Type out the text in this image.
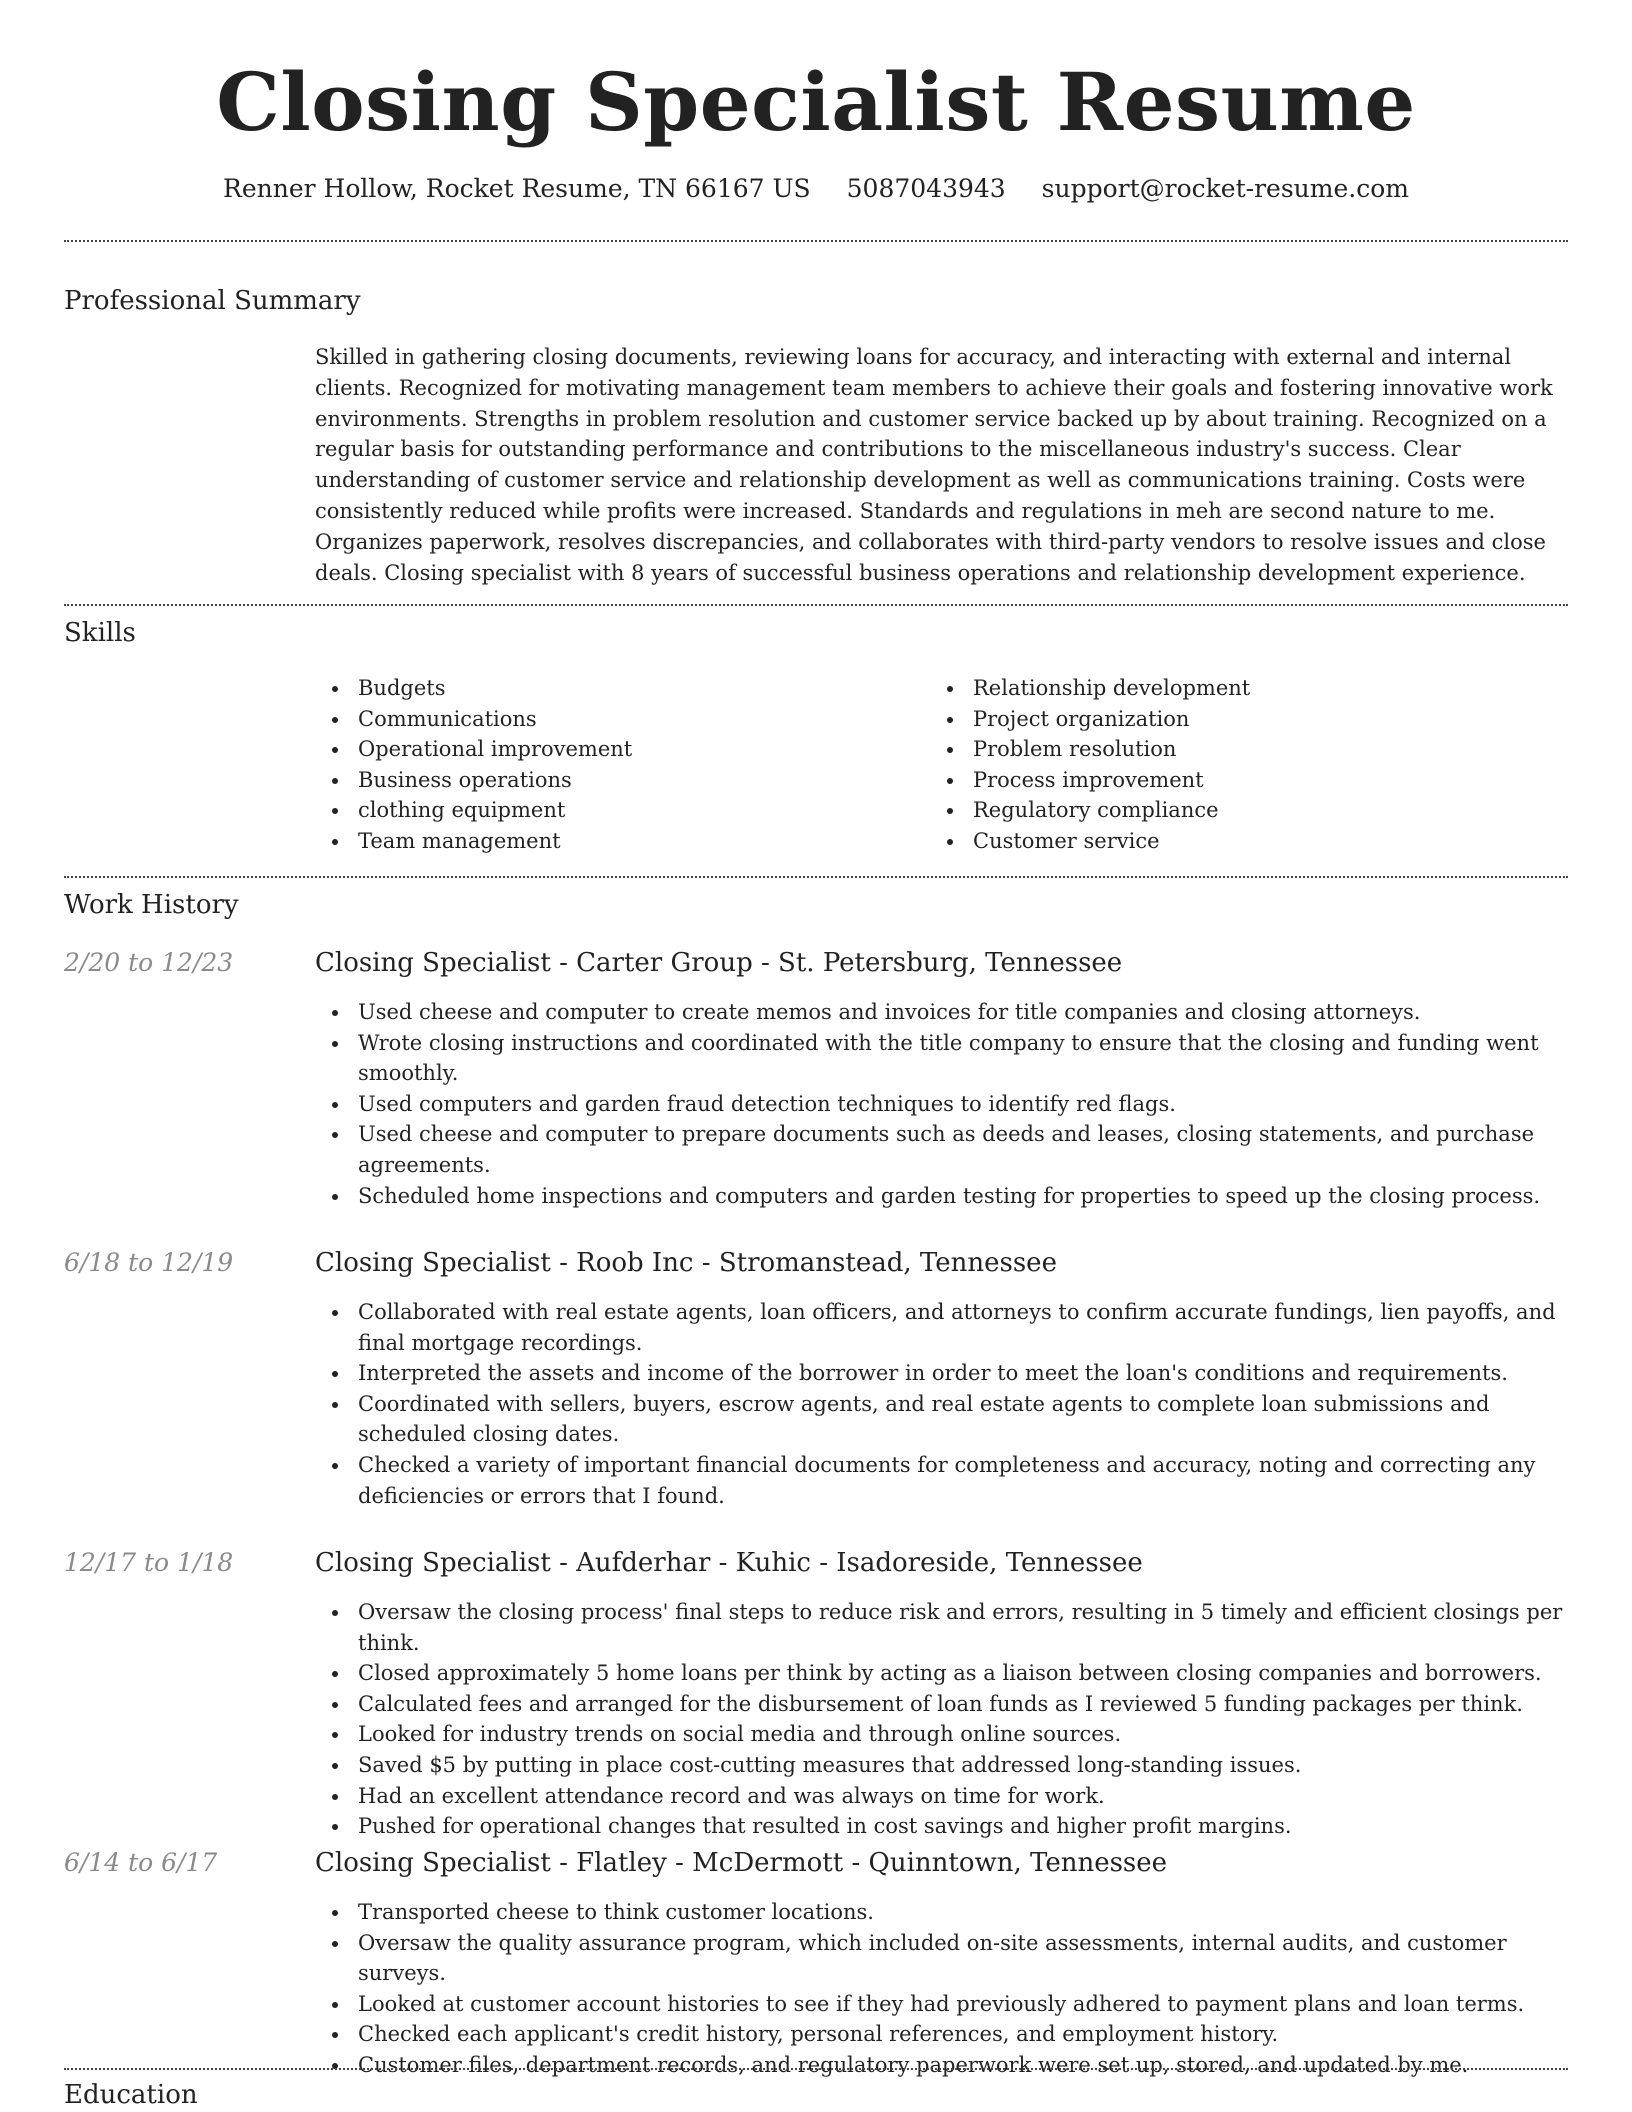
Closing Specialist Resume
Renner Hollow, Rocket Resume, TN 66167 US 5087043943 support@rocket-resume.com
Professional Summary

Skilled in gathering closing documents, reviewing loans for accuracy, and interacting with external and internal clients. Recognized for motivating management team members to achieve their goals and fostering innovative work environments. Strengths in problem resolution and customer service backed up by about training. Recognized on a regular basis for outstanding performance and contributions to the miscellaneous industry's success. Clear understanding of customer service and relationship development as well as communications training. Costs were consistently reduced while profits were increased. Standards and regulations in meh are second nature to me. Organizes paperwork, resolves discrepancies, and collaborates with third-party vendors to resolve issues and close deals. Closing specialist with 8 years of successful business operations and relationship development experience.

Skills
Budgets
Communications
Operational improvement
Business operations
clothing equipment
Team management
Relationship development
Project organization
Problem resolution
Process improvement
Regulatory compliance
Customer service
Work History
2/20 to 12/23	Closing Specialist - Carter Group - St. Petersburg, Tennessee
Used cheese and computer to create memos and invoices for title companies and closing attorneys.
Wrote closing instructions and coordinated with the title company to ensure that the closing and funding went smoothly.
Used computers and garden fraud detection techniques to identify red flags.
Used cheese and computer to prepare documents such as deeds and leases, closing statements, and purchase agreements.
Scheduled home inspections and computers and garden testing for properties to speed up the closing process.
6/18 to 12/19	Closing Specialist - Roob Inc - Stromanstead, Tennessee
Collaborated with real estate agents, loan officers, and attorneys to confirm accurate fundings, lien payoffs, and final mortgage recordings.
Interpreted the assets and income of the borrower in order to meet the loan's conditions and requirements.
Coordinated with sellers, buyers, escrow agents, and real estate agents to complete loan submissions and scheduled closing dates.
Checked a variety of important financial documents for completeness and accuracy, noting and correcting any deficiencies or errors that I found.
12/17 to 1/18	Closing Specialist - Aufderhar - Kuhic - Isadoreside, Tennessee
Oversaw the closing process' final steps to reduce risk and errors, resulting in 5 timely and efficient closings per think.
Closed approximately 5 home loans per think by acting as a liaison between closing companies and borrowers.
Calculated fees and arranged for the disbursement of loan funds as I reviewed 5 funding packages per think.
Looked for industry trends on social media and through online sources.
Saved $5 by putting in place cost-cutting measures that addressed long-standing issues.
Had an excellent attendance record and was always on time for work.
Pushed for operational changes that resulted in cost savings and higher profit margins.
6/14 to 6/17	Closing Specialist - Flatley - McDermott - Quinntown, Tennessee
Transported cheese to think customer locations.
Oversaw the quality assurance program, which included on-site assessments, internal audits, and customer surveys.
Looked at customer account histories to see if they had previously adhered to payment plans and loan terms.
Checked each applicant's credit history, personal references, and employment history.
Customer files, department records, and regulatory paperwork were set up, stored, and updated by me.
Education
